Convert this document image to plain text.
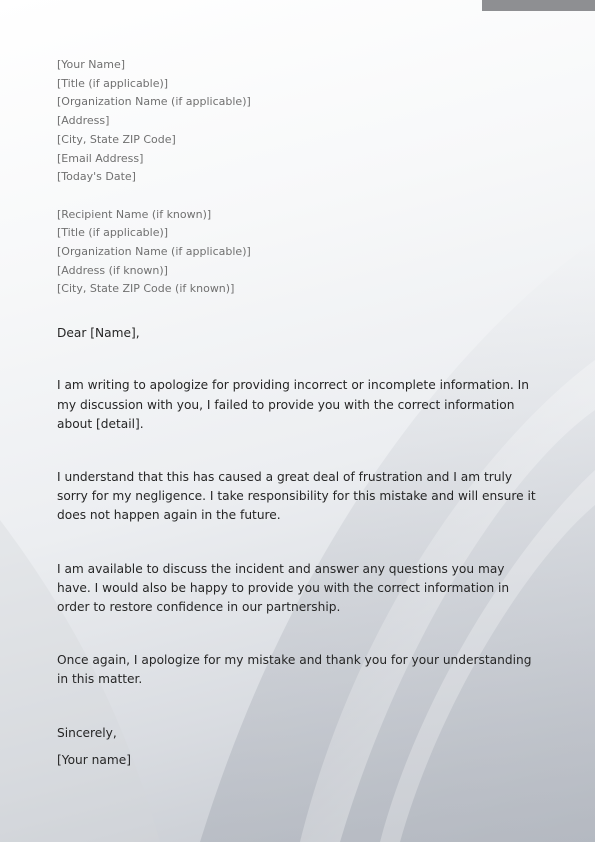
[Your Name]
[Title (if applicable)]
[Organization Name (if applicable)]
[Address]
[City, State ZIP Code]
[Email Address]
[Today's Date]
[Recipient Name (if known)]
[Title (if applicable)]
[Organization Name (if applicable)]
[Address (if known)]
[City, State ZIP Code (if known)]
Dear [Name],
I am writing to apologize for providing incorrect or incomplete information. In my discussion with you, I failed to provide you with the correct information about [detail].
I understand that this has caused a great deal of frustration and I am truly sorry for my negligence. I take responsibility for this mistake and will ensure it does not happen again in the future.
I am available to discuss the incident and answer any questions you may have. I would also be happy to provide you with the correct information in order to restore confidence in our partnership.
Once again, I apologize for my mistake and thank you for your understanding in this matter.
Sincerely,
[Your name]
